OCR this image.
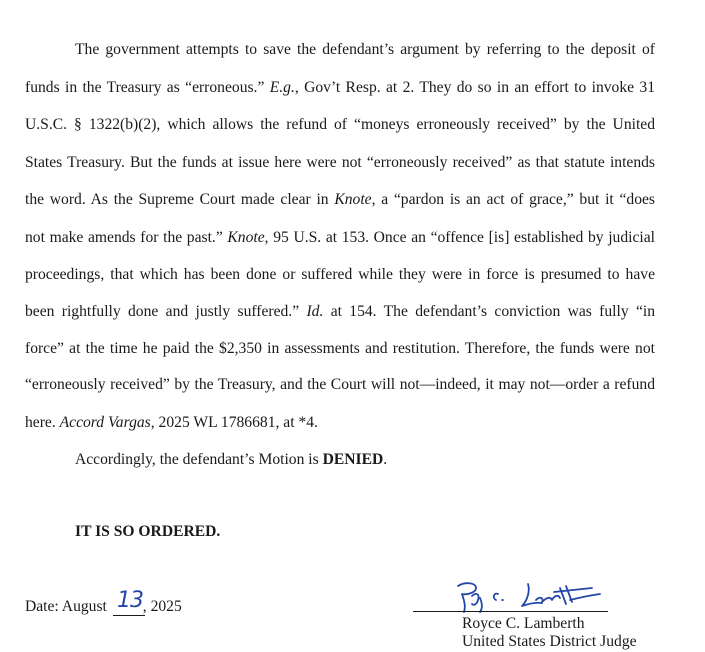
The government attempts to save the defendant’s argument by referring to the deposit of
funds in the Treasury as “erroneous.” E.g., Gov’t Resp. at 2. They do so in an effort to invoke 31
U.S.C. § 1322(b)(2), which allows the refund of “moneys erroneously received” by the United
States Treasury. But the funds at issue here were not “erroneously received” as that statute intends
the word. As the Supreme Court made clear in Knote, a “pardon is an act of grace,” but it “does
not make amends for the past.” Knote, 95 U.S. at 153. Once an “offence [is] established by judicial
proceedings, that which has been done or suffered while they were in force is presumed to have
been rightfully done and justly suffered.” Id. at 154. The defendant’s conviction was fully “in
force” at the time he paid the $2,350 in assessments and restitution. Therefore, the funds were not
“erroneously received” by the Treasury, and the Court will not—indeed, it may not—order a refund
here. Accord Vargas, 2025 WL 1786681, at *4.
Accordingly, the defendant’s Motion is DENIED.
IT IS SO ORDERED.
Date: August , 2025
13
Royce C. Lamberth
United States District Judge
